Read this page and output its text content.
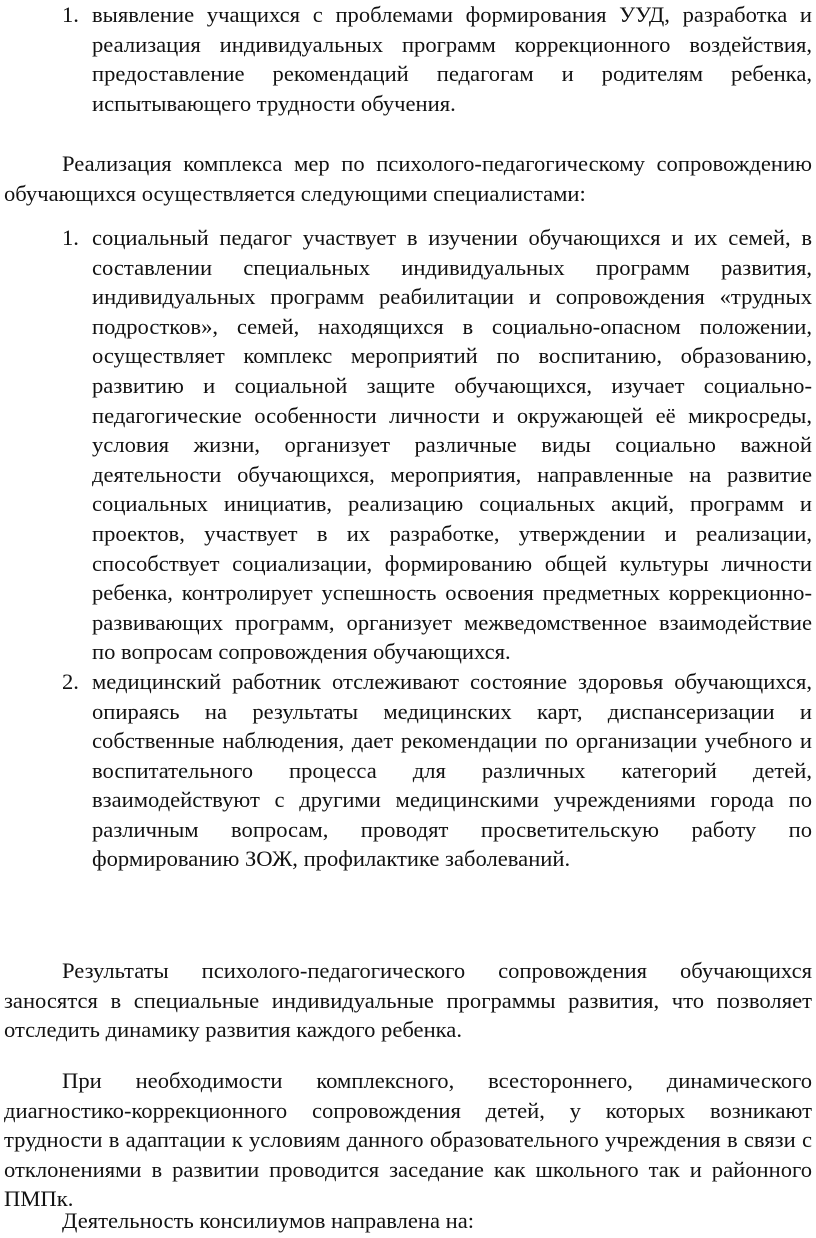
1. выявление учащихся с проблемами формирования УУД, разработка и реализация индивидуальных программ коррекционного воздействия, предоставление рекомендаций педагогам и родителям ребенка, испытывающего трудности обучения.

Реализация комплекса мер по психолого-педагогическому сопровождению обучающихся осуществляется следующими специалистами:

1. социальный педагог участвует в изучении обучающихся и их семей, в составлении специальных индивидуальных программ развития, индивидуальных программ реабилитации и сопровождения «трудных подростков», семей, находящихся в социально-опасном положении, осуществляет комплекс мероприятий по воспитанию, образованию, развитию и социальной защите обучающихся, изучает социально-педагогические особенности личности и окружающей её микросреды, условия жизни, организует различные виды социально важной деятельности обучающихся, мероприятия, направленные на развитие социальных инициатив, реализацию социальных акций, программ и проектов, участвует в их разработке, утверждении и реализации, способствует социализации, формированию общей культуры личности ребенка, контролирует успешность освоения предметных коррекционно-развивающих программ, организует межведомственное взаимодействие по вопросам сопровождения обучающихся.
2. медицинский работник отслеживают состояние здоровья обучающихся, опираясь на результаты медицинских карт, диспансеризации и собственные наблюдения, дает рекомендации по организации учебного и воспитательного процесса для различных категорий детей, взаимодействуют с другими медицинскими учреждениями города по различным вопросам, проводят просветительскую работу по формированию ЗОЖ, профилактике заболеваний.

Результаты психолого-педагогического сопровождения обучающихся заносятся в специальные индивидуальные программы развития, что позволяет отследить динамику развития каждого ребенка.

При необходимости комплексного, всестороннего, динамического диагностико-коррекционного сопровождения детей, у которых возникают трудности в адаптации к условиям данного образовательного учреждения в связи с отклонениями в развитии проводится заседание как школьного так и районного ПМПк.

Деятельность консилиумов направлена на:
